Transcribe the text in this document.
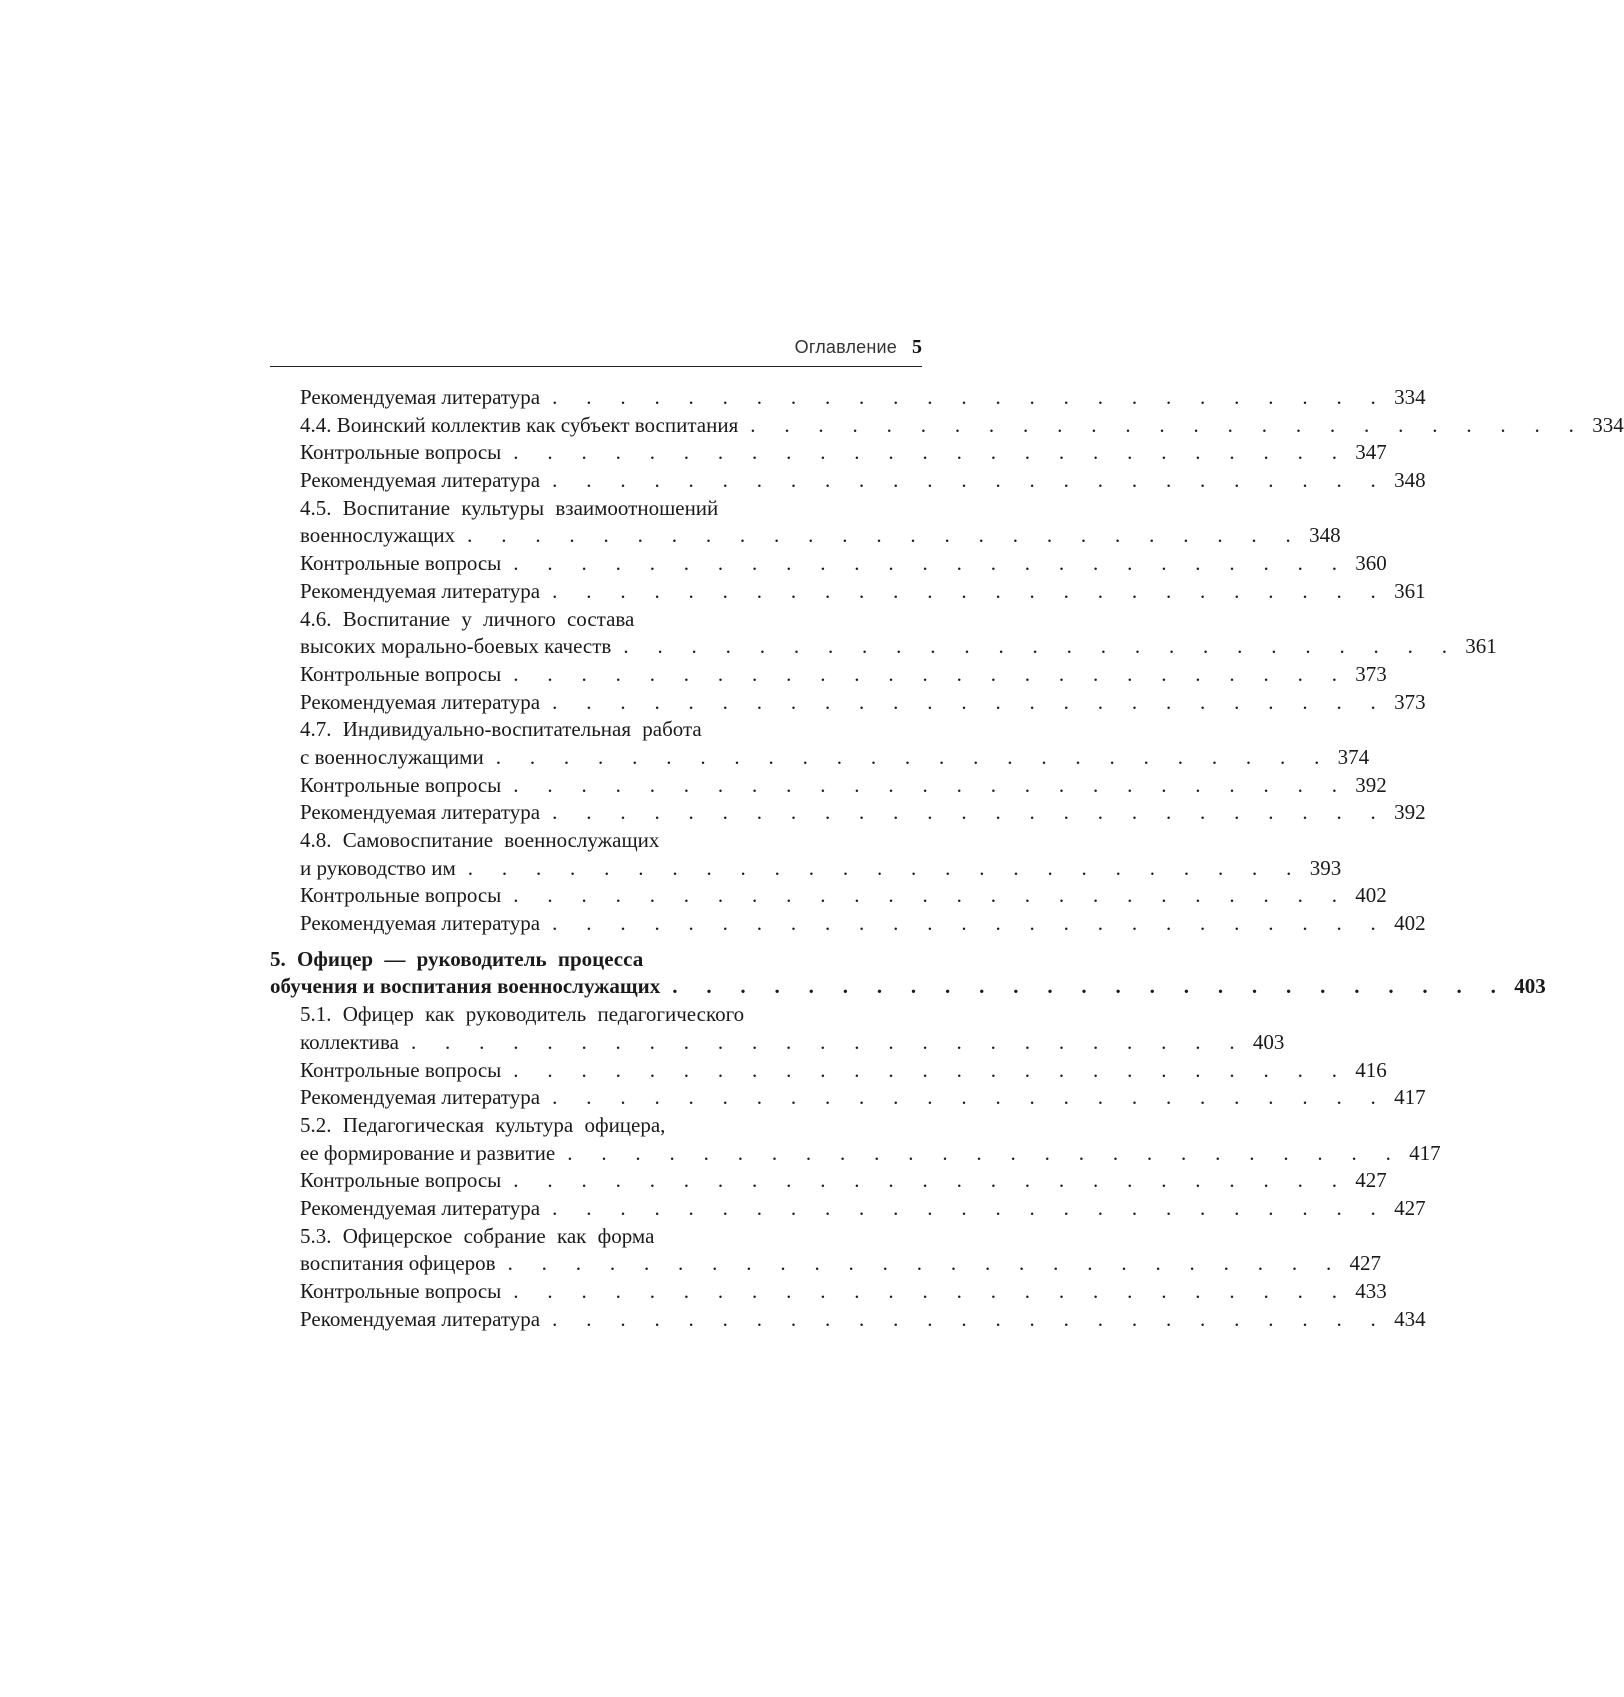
Оглавление 5
Рекомендуемая литература . . . . . . . . . . . . . . . . . . . . . . . . . 334
4.4. Воинский коллектив как субъект воспитания . . . . . . . . . . . . . . . . . . . . . . . . . 334
Контрольные вопросы . . . . . . . . . . . . . . . . . . . . . . . . . 347
Рекомендуемая литература . . . . . . . . . . . . . . . . . . . . . . . . . 348
4.5. Воспитание культуры взаимоотношений
военнослужащих . . . . . . . . . . . . . . . . . . . . . . . . . 348
Контрольные вопросы . . . . . . . . . . . . . . . . . . . . . . . . . 360
Рекомендуемая литература . . . . . . . . . . . . . . . . . . . . . . . . . 361
4.6. Воспитание у личного состава
высоких морально-боевых качеств . . . . . . . . . . . . . . . . . . . . . . . . . 361
Контрольные вопросы . . . . . . . . . . . . . . . . . . . . . . . . . 373
Рекомендуемая литература . . . . . . . . . . . . . . . . . . . . . . . . . 373
4.7. Индивидуально-воспитательная работа
с военнослужащими . . . . . . . . . . . . . . . . . . . . . . . . . 374
Контрольные вопросы . . . . . . . . . . . . . . . . . . . . . . . . . 392
Рекомендуемая литература . . . . . . . . . . . . . . . . . . . . . . . . . 392
4.8. Самовоспитание военнослужащих
и руководство им . . . . . . . . . . . . . . . . . . . . . . . . . 393
Контрольные вопросы . . . . . . . . . . . . . . . . . . . . . . . . . 402
Рекомендуемая литература . . . . . . . . . . . . . . . . . . . . . . . . . 402
5. Офицер — руководитель процесса
обучения и воспитания военнослужащих . . . . . . . . . . . . . . . . . . . . . . . . . 403
5.1. Офицер как руководитель педагогического
коллектива . . . . . . . . . . . . . . . . . . . . . . . . . 403
Контрольные вопросы . . . . . . . . . . . . . . . . . . . . . . . . . 416
Рекомендуемая литература . . . . . . . . . . . . . . . . . . . . . . . . . 417
5.2. Педагогическая культура офицера,
ее формирование и развитие . . . . . . . . . . . . . . . . . . . . . . . . . 417
Контрольные вопросы . . . . . . . . . . . . . . . . . . . . . . . . . 427
Рекомендуемая литература . . . . . . . . . . . . . . . . . . . . . . . . . 427
5.3. Офицерское собрание как форма
воспитания офицеров . . . . . . . . . . . . . . . . . . . . . . . . . 427
Контрольные вопросы . . . . . . . . . . . . . . . . . . . . . . . . . 433
Рекомендуемая литература . . . . . . . . . . . . . . . . . . . . . . . . . 434
